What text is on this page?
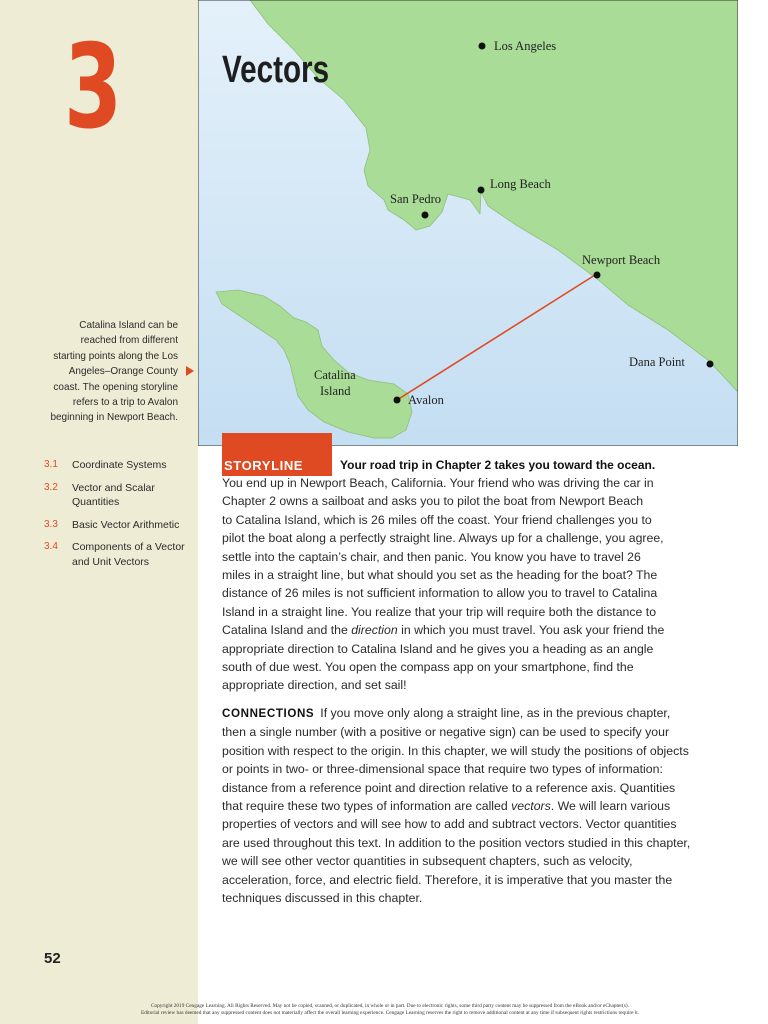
3
Catalina Island can be
reached from different
starting points along the Los
Angeles–Orange County
coast. The opening storyline
refers to a trip to Avalon
beginning in Newport Beach.
3.1 Coordinate Systems
3.2 Vector and Scalar Quantities
3.3 Basic Vector Arithmetic
3.4 Components of a Vector and Unit Vectors
52
Vectors
Los Angeles
San Pedro
Long Beach
Newport Beach
Dana Point
Catalina
Island
Avalon
STORYLINE	Your road trip in Chapter 2 takes you toward the ocean.
You end up in Newport Beach, California. Your friend who was driving the car in
Chapter 2 owns a sailboat and asks you to pilot the boat from Newport Beach
to Catalina Island, which is 26 miles off the coast. Your friend challenges you to
pilot the boat along a perfectly straight line. Always up for a challenge, you agree,
settle into the captain’s chair, and then panic. You know you have to travel 26
miles in a straight line, but what should you set as the heading for the boat? The
distance of 26 miles is not sufficient information to allow you to travel to Catalina
Island in a straight line. You realize that your trip will require both the distance to
Catalina Island and the direction in which you must travel. You ask your friend the
appropriate direction to Catalina Island and he gives you a heading as an angle
south of due west. You open the compass app on your smartphone, find the
appropriate direction, and set sail!
CONNECTIONS If you move only along a straight line, as in the previous chapter, then a single number (with a positive or negative sign) can be used to specify your position with respect to the origin. In this chapter, we will study the positions of objects or points in two- or three-dimensional space that require two types of information: distance from a reference point and direction relative to a reference axis. Quantities that require these two types of information are called vectors. We will learn various properties of vectors and will see how to add and subtract vectors. Vector quantities are used throughout this text. In addition to the position vectors studied in this chapter, we will see other vector quantities in subsequent chapters, such as velocity, acceleration, force, and electric field. Therefore, it is imperative that you master the techniques discussed in this chapter.
Copyright 2019 Cengage Learning. All Rights Reserved. May not be copied, scanned, or duplicated, in whole or in part. Due to electronic rights, some third party content may be suppressed from the eBook and/or eChapter(s).
Editorial review has deemed that any suppressed content does not materially affect the overall learning experience. Cengage Learning reserves the right to remove additional content at any time if subsequent rights restrictions require it.
